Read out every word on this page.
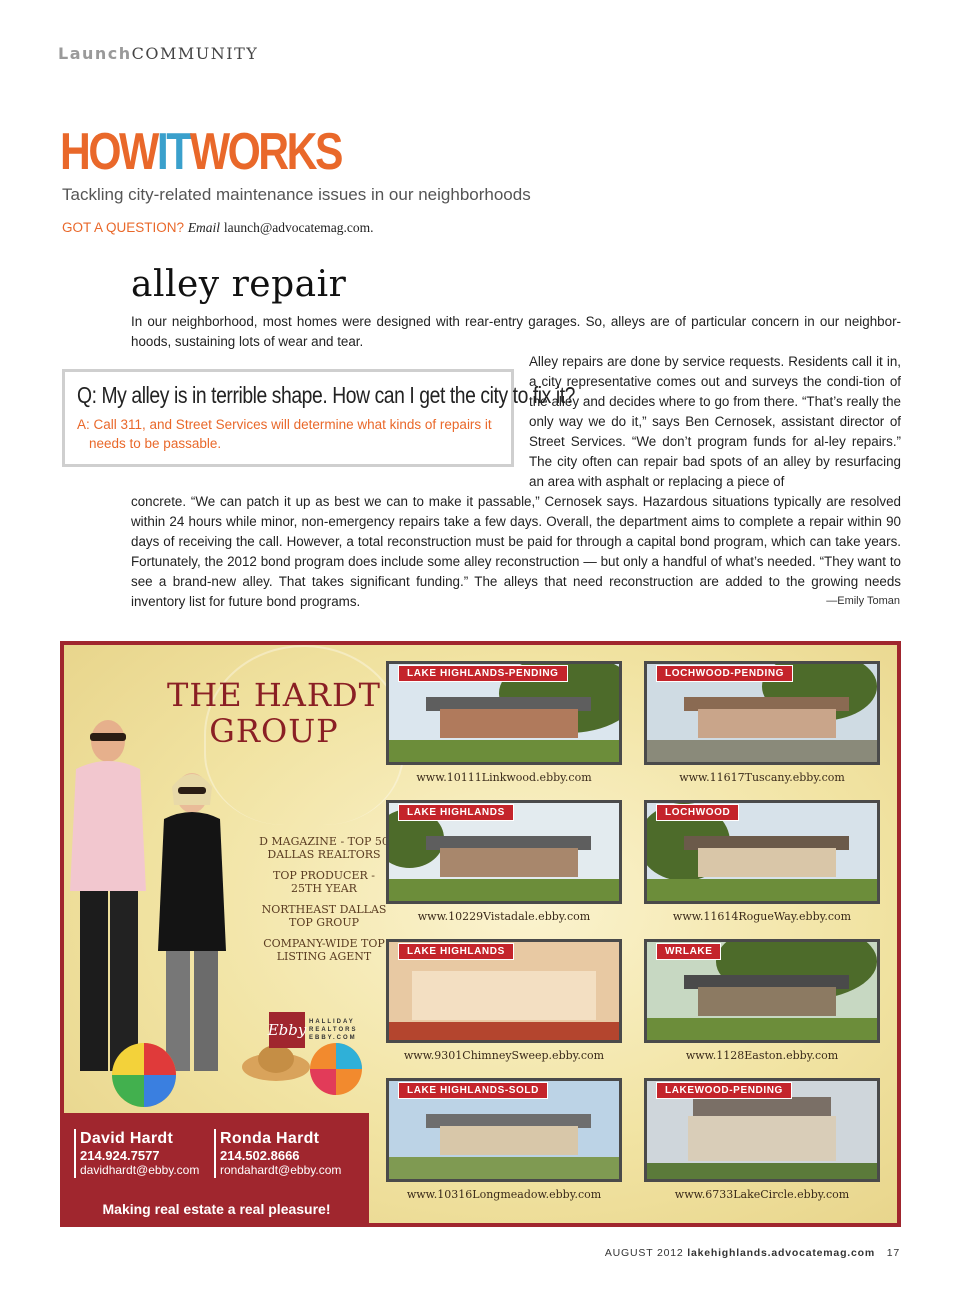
LaunchCOMMUNITY
HOWITWORKS
Tackling city-related maintenance issues in our neighborhoods
GOT A QUESTION? Email launch@advocatemag.com.
alley repair

In our neighborhood, most homes were designed with rear-entry garages. So, alleys are of particular concern in our neighbor-hoods, sustaining lots of wear and tear.

Q: My alley is in terrible shape. How can I get the city to fix it?
A: Call 311, and Street Services will determine what kinds of repairs it needs to be passable.

Alley repairs are done by service requests. Residents call it in, a city representative comes out and surveys the condi-tion of the alley and decides where to go from there. “That’s really the only way we do it,” says Ben Cernosek, assistant director of Street Services. “We don’t program funds for al-ley repairs.” The city often can repair bad spots of an alley by resurfacing an area with asphalt or replacing a piece of

concrete. “We can patch it up as best we can to make it passable,” Cernosek says. Hazardous situations typically are resolved within 24 hours while minor, non-emergency repairs take a few days. Overall, the department aims to complete a repair within 90 days of receiving the call. However, a total reconstruction must be paid for through a capital bond program, which can take years. Fortunately, the 2012 bond program does include some alley reconstruction — but only a handful of what’s needed. “They want to see a brand-new alley. That takes significant funding.” The alleys that need reconstruction are added to the growing needs inventory list for future bond programs.	—Emily Toman
THE HARDT
GROUP
D MAGAZINE - TOP 50 DALLAS REALTORS
TOP PRODUCER - 25TH YEAR
NORTHEAST DALLAS TOP GROUP
COMPANY-WIDE TOP LISTING AGENT
Ebby HALLIDAY
REALTORS
EBBY.COM
David Hardt
214.924.7577
davidhardt@ebby.com
Ronda Hardt
214.502.8666
rondahardt@ebby.com
Making real estate a real pleasure!
LAKE HIGHLANDS-PENDING
www.10111Linkwood.ebby.com
LOCHWOOD-PENDING
www.11617Tuscany.ebby.com
LAKE HIGHLANDS
www.10229Vistadale.ebby.com
LOCHWOOD
www.11614RogueWay.ebby.com
LAKE HIGHLANDS
www.9301ChimneySweep.ebby.com
WRLAKE
www.1128Easton.ebby.com
LAKE HIGHLANDS-SOLD
www.10316Longmeadow.ebby.com
LAKEWOOD-PENDING
www.6733LakeCircle.ebby.com
AUGUST 2012 lakehighlands.advocatemag.com 17
